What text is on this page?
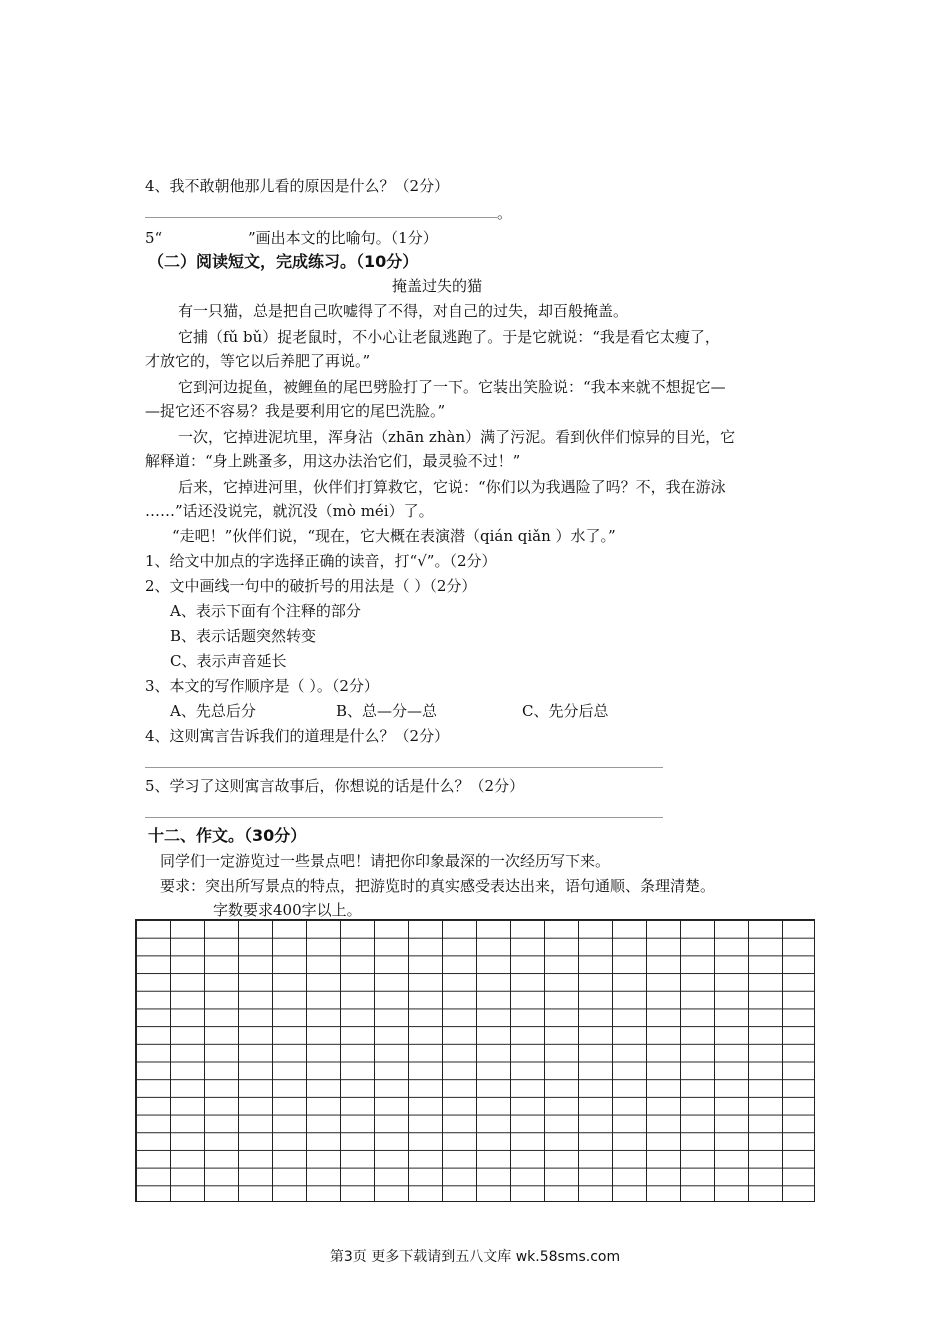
4、我不敢朝他那儿看的原因是什么？（2分）
。
5“	”画出本文的比喻句。（1分）
（二）阅读短文，完成练习。（10分）
掩盖过失的猫
有一只猫，总是把自己吹嘘得了不得，对自己的过失，却百般掩盖。
它捕（fǔ bǔ）捉老鼠时，不小心让老鼠逃跑了。于是它就说：“我是看它太瘦了，
才放它的，等它以后养肥了再说。”
它到河边捉鱼，被鲤鱼的尾巴劈脸打了一下。它装出笑脸说：“我本来就不想捉它—
—捉它还不容易？我是要利用它的尾巴洗脸。”
一次，它掉进泥坑里，浑身沾（zhān zhàn）满了污泥。看到伙伴们惊异的目光，它
解释道：“身上跳蚤多，用这办法治它们，最灵验不过！”
后来，它掉进河里，伙伴们打算救它，它说：“你们以为我遇险了吗？不，我在游泳
……”话还没说完，就沉没（mò méi）了。
“走吧！”伙伴们说，“现在，它大概在表演潜（qián qiǎn ）水了。”
1、给文中加点的字选择正确的读音，打“√”。（2分）
2、文中画线一句中的破折号的用法是（ ）（2分）
A、表示下面有个注释的部分
B、表示话题突然转变
C、表示声音延长
3、本文的写作顺序是（ ）。（2分）
A、先总后分	B、总—分—总	C、先分后总
4、这则寓言告诉我们的道理是什么？（2分）
5、学习了这则寓言故事后，你想说的话是什么？（2分）
十二、作文。（30分）
同学们一定游览过一些景点吧！请把你印象最深的一次经历写下来。
要求：突出所写景点的特点，把游览时的真实感受表达出来，语句通顺、条理清楚。
字数要求400字以上。
第3页 更多下载请到五八文库 wk.58sms.com
